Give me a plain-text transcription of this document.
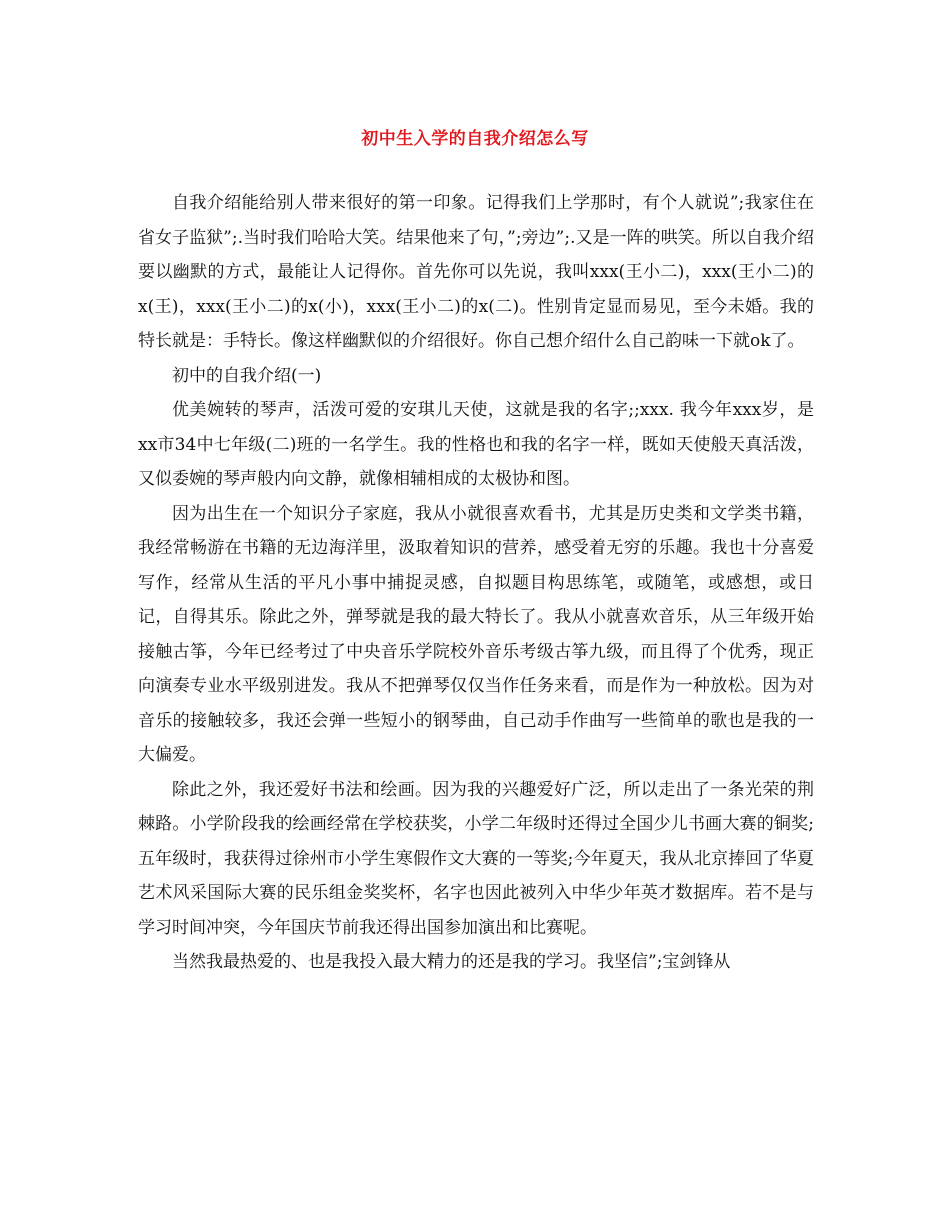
初中生入学的自我介绍怎么写

自我介绍能给别人带来很好的第一印象。记得我们上学那时，有个人就说”;我家住在省女子监狱”;.当时我们哈哈大笑。结果他来了句，”;旁边”;.又是一阵的哄笑。所以自我介绍要以幽默的方式，最能让人记得你。首先你可以先说，我叫xxx(王小二)，xxx(王小二)的x(王)，xxx(王小二)的x(小)，xxx(王小二)的x(二)。性别肯定显而易见，至今未婚。我的特长就是：手特长。像这样幽默似的介绍很好。你自己想介绍什么自己韵味一下就ok了。

初中的自我介绍(一)

优美婉转的琴声，活泼可爱的安琪儿天使，这就是我的名字;;xxx. 我今年xxx岁，是xx市34中七年级(二)班的一名学生。我的性格也和我的名字一样，既如天使般天真活泼，又似委婉的琴声般内向文静，就像相辅相成的太极协和图。

因为出生在一个知识分子家庭，我从小就很喜欢看书，尤其是历史类和文学类书籍，我经常畅游在书籍的无边海洋里，汲取着知识的营养，感受着无穷的乐趣。我也十分喜爱写作，经常从生活的平凡小事中捕捉灵感，自拟题目构思练笔，或随笔，或感想，或日记，自得其乐。除此之外，弹琴就是我的最大特长了。我从小就喜欢音乐，从三年级开始接触古筝，今年已经考过了中央音乐学院校外音乐考级古筝九级，而且得了个优秀，现正向演奏专业水平级别进发。我从不把弹琴仅仅当作任务来看，而是作为一种放松。因为对音乐的接触较多，我还会弹一些短小的钢琴曲，自己动手作曲写一些简单的歌也是我的一大偏爱。

除此之外，我还爱好书法和绘画。因为我的兴趣爱好广泛，所以走出了一条光荣的荆棘路。小学阶段我的绘画经常在学校获奖，小学二年级时还得过全国少儿书画大赛的铜奖;五年级时，我获得过徐州市小学生寒假作文大赛的一等奖;今年夏天，我从北京捧回了华夏艺术风采国际大赛的民乐组金奖奖杯，名字也因此被列入中华少年英才数据库。若不是与学习时间冲突，今年国庆节前我还得出国参加演出和比赛呢。

当然我最热爱的、也是我投入最大精力的还是我的学习。我坚信”;宝剑锋从
